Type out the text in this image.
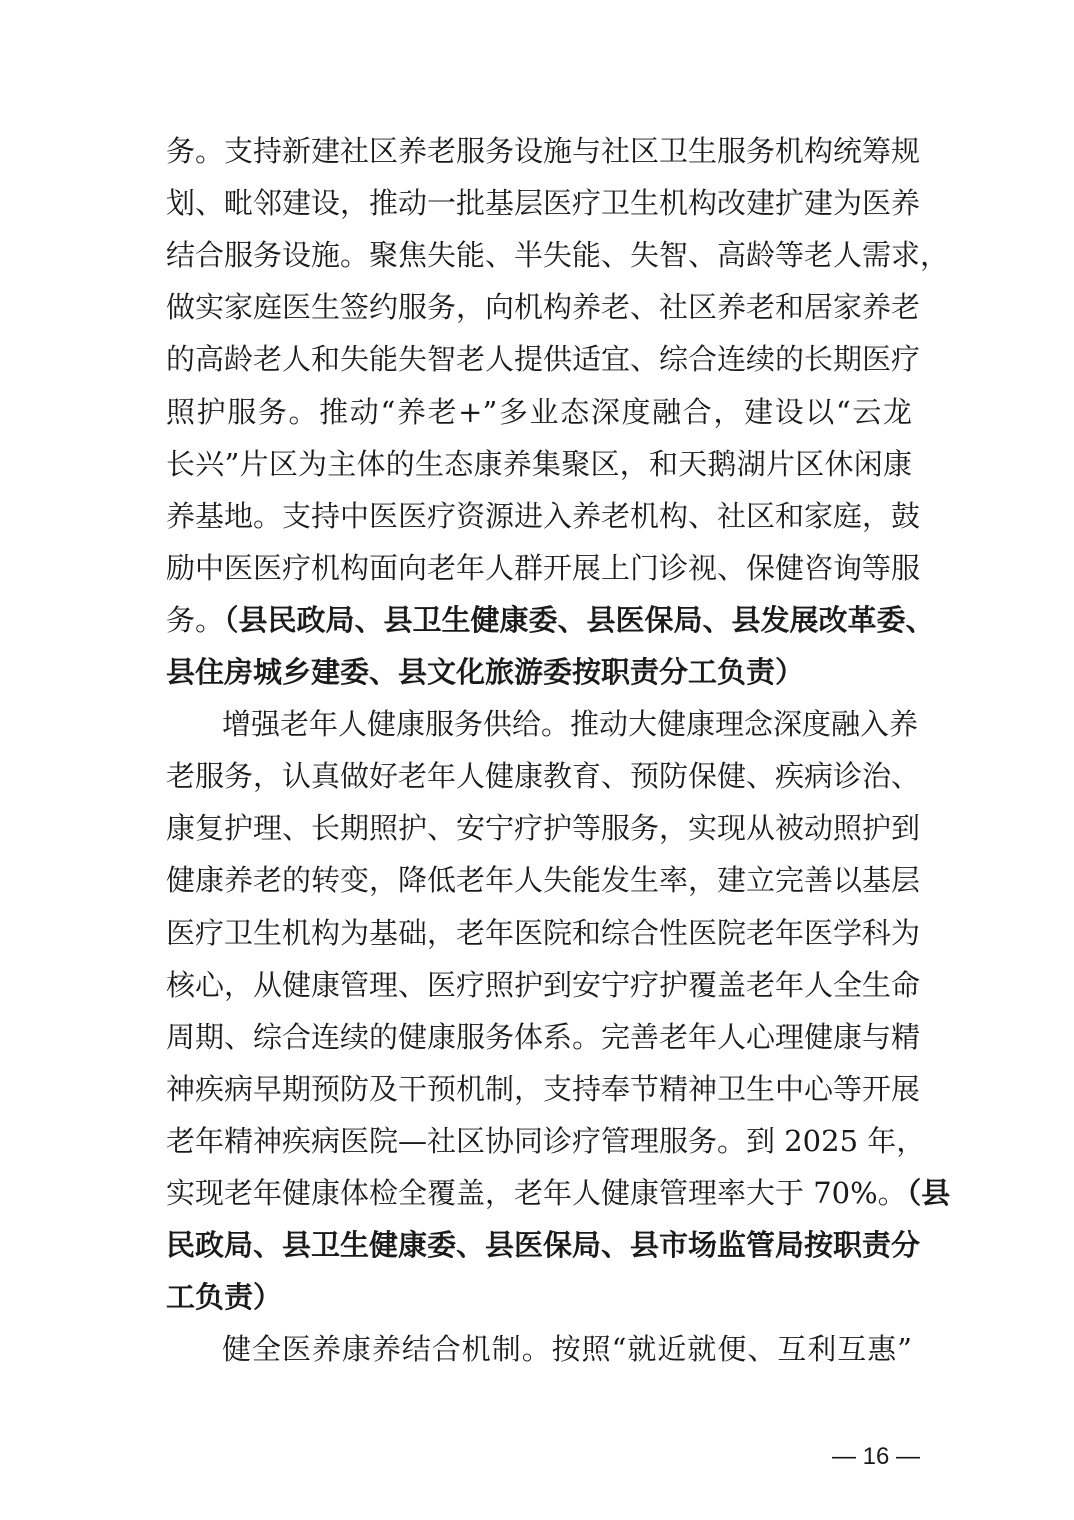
务。支持新建社区养老服务设施与社区卫生服务机构统筹规
划、毗邻建设，推动一批基层医疗卫生机构改建扩建为医养
结合服务设施。聚焦失能、半失能、失智、高龄等老人需求，
做实家庭医生签约服务，向机构养老、社区养老和居家养老
的高龄老人和失能失智老人提供适宜、综合连续的长期医疗
照护服务。推动“养老+”多业态深度融合，建设以“云龙
长兴”片区为主体的生态康养集聚区，和天鹅湖片区休闲康
养基地。支持中医医疗资源进入养老机构、社区和家庭，鼓
励中医医疗机构面向老年人群开展上门诊视、保健咨询等服
务。（县民政局、县卫生健康委、县医保局、县发展改革委、
县住房城乡建委、县文化旅游委按职责分工负责）
增强老年人健康服务供给。推动大健康理念深度融入养
老服务，认真做好老年人健康教育、预防保健、疾病诊治、
康复护理、长期照护、安宁疗护等服务，实现从被动照护到
健康养老的转变，降低老年人失能发生率，建立完善以基层
医疗卫生机构为基础，老年医院和综合性医院老年医学科为
核心，从健康管理、医疗照护到安宁疗护覆盖老年人全生命
周期、综合连续的健康服务体系。完善老年人心理健康与精
神疾病早期预防及干预机制，支持奉节精神卫生中心等开展
老年精神疾病医院—社区协同诊疗管理服务。到 2025 年，
实现老年健康体检全覆盖，老年人健康管理率大于 70%。（县
民政局、县卫生健康委、县医保局、县市场监管局按职责分
工负责）
健全医养康养结合机制。按照“就近就便、互利互惠”
— 16 —
